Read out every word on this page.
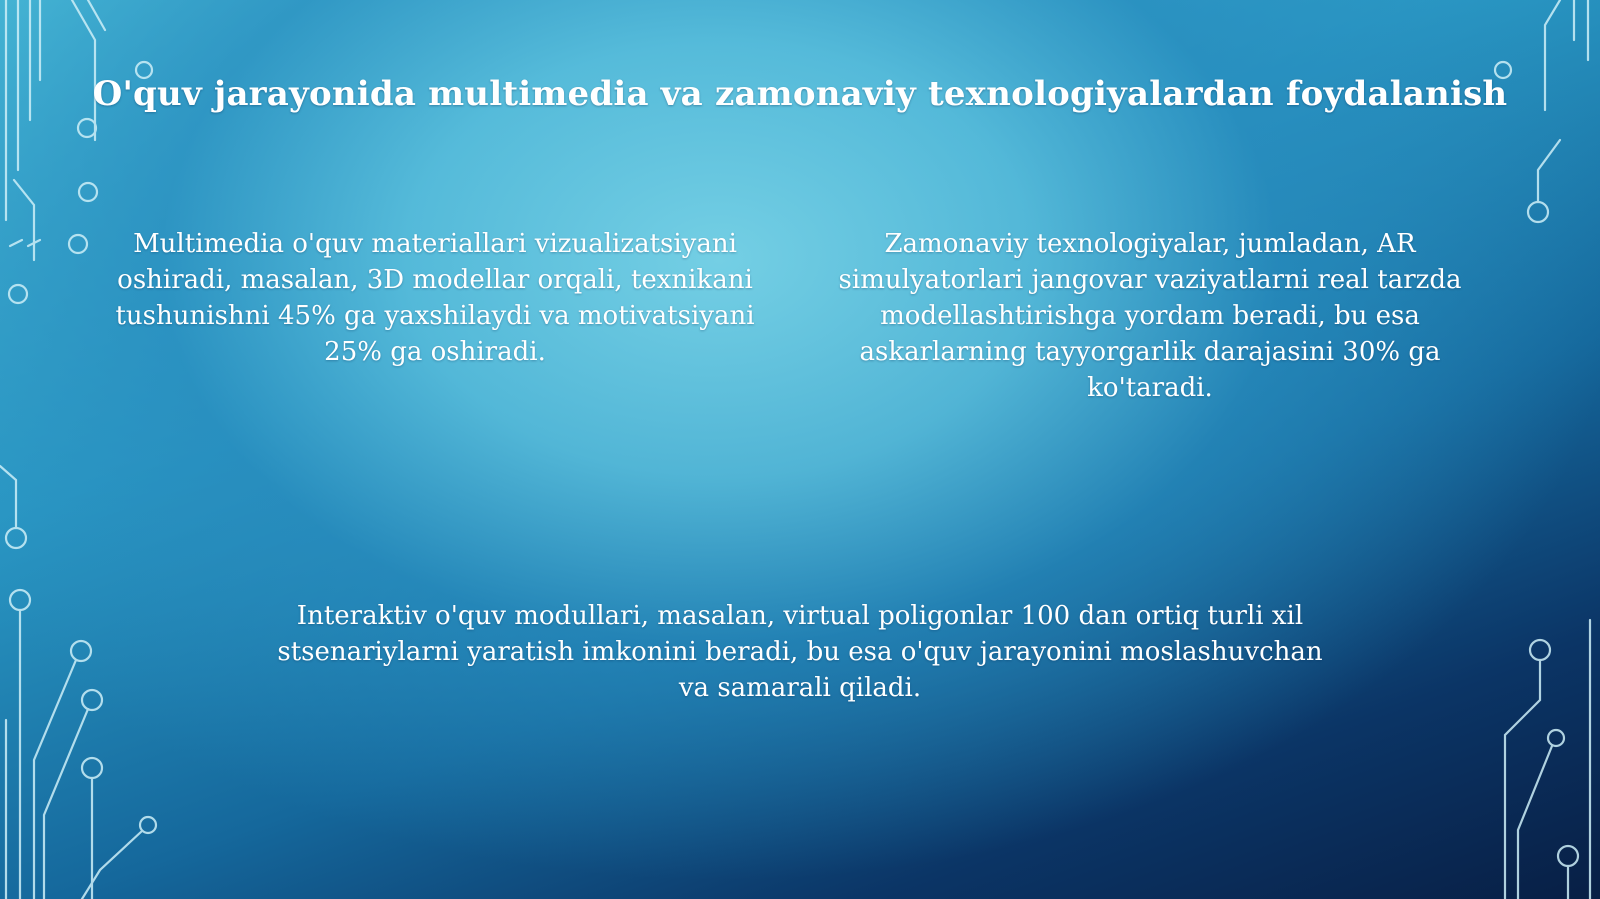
O'quv jarayonida multimedia va zamonaviy texnologiyalardan foydalanish

Multimedia o'quv materiallari vizualizatsiyani oshiradi, masalan, 3D modellar orqali, texnikani tushunishni 45% ga yaxshilaydi va motivatsiyani 25% ga oshiradi.

Zamonaviy texnologiyalar, jumladan, AR simulyatorlari jangovar vaziyatlarni real tarzda modellashtirishga yordam beradi, bu esa askarlarning tayyorgarlik darajasini 30% ga ko'taradi.

Interaktiv o'quv modullari, masalan, virtual poligonlar 100 dan ortiq turli xil stsenariylarni yaratish imkonini beradi, bu esa o'quv jarayonini moslashuvchan va samarali qiladi.
